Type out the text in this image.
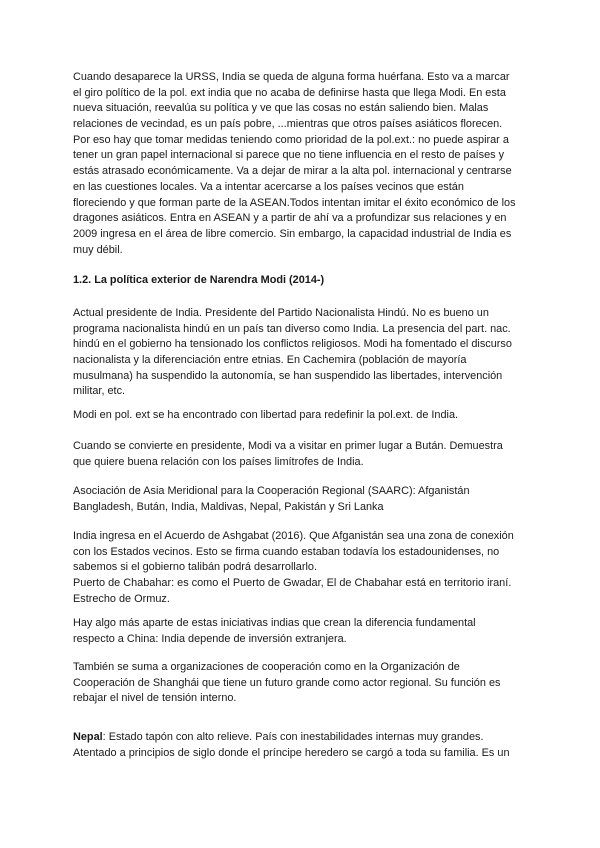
Cuando desaparece la URSS, India se queda de alguna forma huérfana. Esto va a marcar
el giro político de la pol. ext india que no acaba de definirse hasta que llega Modi. En esta
nueva situación, reevalúa su política y ve que las cosas no están saliendo bien. Malas
relaciones de vecindad, es un país pobre, ...mientras que otros países asiáticos florecen.
Por eso hay que tomar medidas teniendo como prioridad de la pol.ext.: no puede aspirar a
tener un gran papel internacional si parece que no tiene influencia en el resto de países y
estás atrasado económicamente. Va a dejar de mirar a la alta pol. internacional y centrarse
en las cuestiones locales. Va a intentar acercarse a los países vecinos que están
floreciendo y que forman parte de la ASEAN.Todos intentan imitar el éxito económico de los
dragones asiáticos. Entra en ASEAN y a partir de ahí va a profundizar sus relaciones y en
2009 ingresa en el área de libre comercio. Sin embargo, la capacidad industrial de India es
muy débil.
1.2. La política exterior de Narendra Modi (2014-)
Actual presidente de India. Presidente del Partido Nacionalista Hindú. No es bueno un
programa nacionalista hindú en un país tan diverso como India. La presencia del part. nac.
hindú en el gobierno ha tensionado los conflictos religiosos. Modi ha fomentado el discurso
nacionalista y la diferenciación entre etnias. En Cachemira (población de mayoría
musulmana) ha suspendido la autonomía, se han suspendido las libertades, intervención
militar, etc.
Modi en pol. ext se ha encontrado con libertad para redefinir la pol.ext. de India.
Cuando se convierte en presidente, Modi va a visitar en primer lugar a Bután. Demuestra
que quiere buena relación con los países limítrofes de India.
Asociación de Asia Meridional para la Cooperación Regional (SAARC): Afganistán
Bangladesh, Bután, India, Maldivas, Nepal, Pakistán y Sri Lanka
India ingresa en el Acuerdo de Ashgabat (2016). Que Afganistán sea una zona de conexión
con los Estados vecinos. Esto se firma cuando estaban todavía los estadounidenses, no
sabemos si el gobierno talibán podrá desarrollarlo.
Puerto de Chabahar: es como el Puerto de Gwadar, El de Chabahar está en territorio iraní.
Estrecho de Ormuz.
Hay algo más aparte de estas iniciativas indias que crean la diferencia fundamental
respecto a China: India depende de inversión extranjera.
También se suma a organizaciones de cooperación como en la Organización de
Cooperación de Shanghái que tiene un futuro grande como actor regional. Su función es
rebajar el nivel de tensión interno.
Nepal: Estado tapón con alto relieve. País con inestabilidades internas muy grandes.
Atentado a principios de siglo donde el príncipe heredero se cargó a toda su familia. Es un
